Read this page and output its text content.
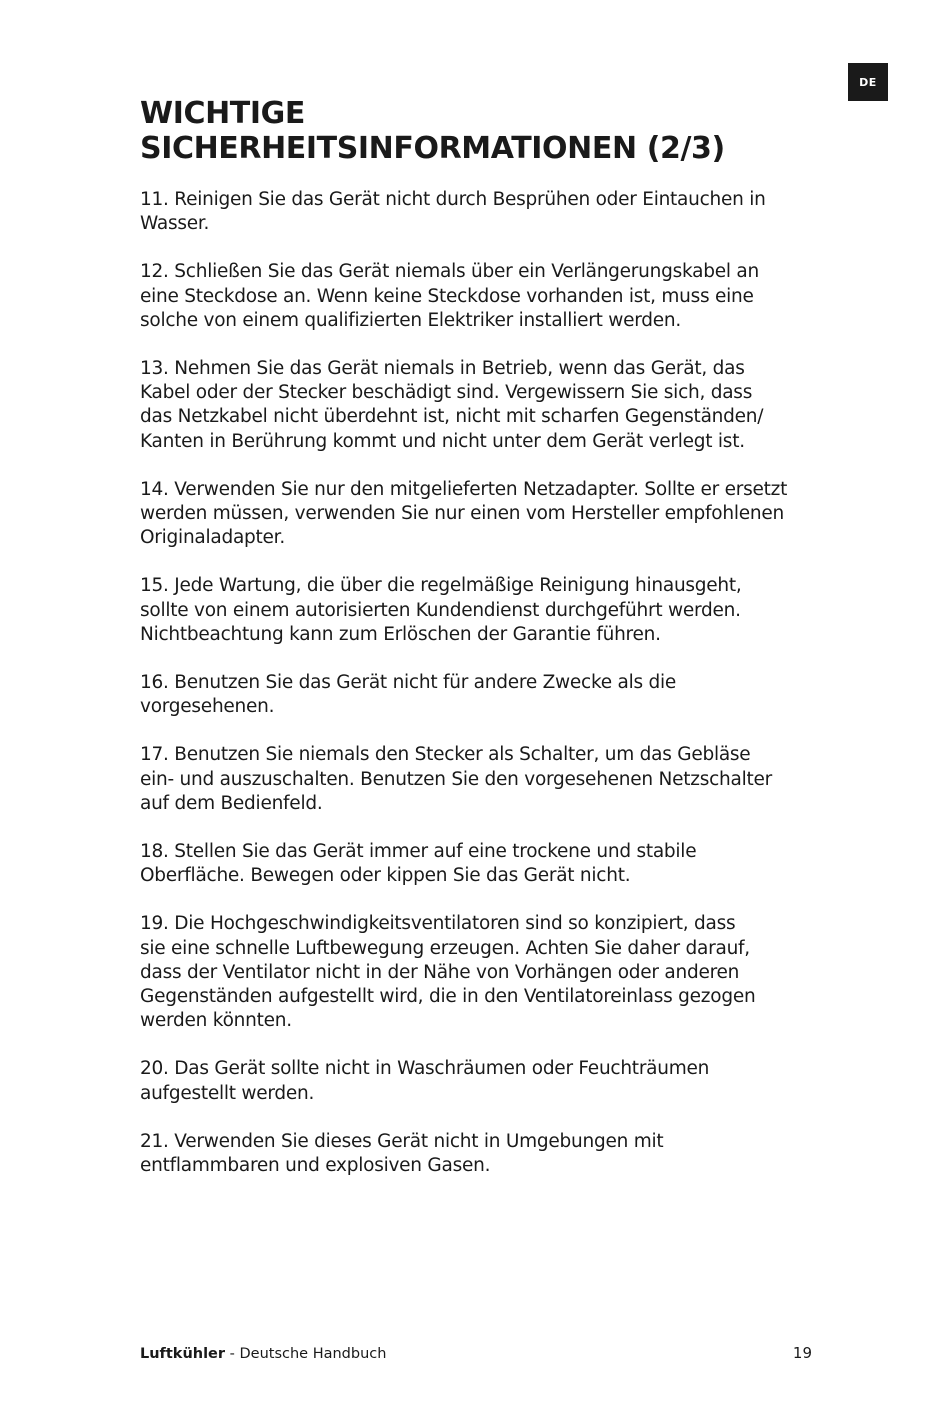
DE
WICHTIGE
SICHERHEITSINFORMATIONEN (2/3)

11. Reinigen Sie das Gerät nicht durch Besprühen oder Eintauchen in
Wasser.

12. Schließen Sie das Gerät niemals über ein Verlängerungskabel an
eine Steckdose an. Wenn keine Steckdose vorhanden ist, muss eine
solche von einem qualifizierten Elektriker installiert werden.

13. Nehmen Sie das Gerät niemals in Betrieb, wenn das Gerät, das
Kabel oder der Stecker beschädigt sind. Vergewissern Sie sich, dass
das Netzkabel nicht überdehnt ist, nicht mit scharfen Gegenständen/
Kanten in Berührung kommt und nicht unter dem Gerät verlegt ist.

14. Verwenden Sie nur den mitgelieferten Netzadapter. Sollte er ersetzt
werden müssen, verwenden Sie nur einen vom Hersteller empfohlenen
Originaladapter.

15. Jede Wartung, die über die regelmäßige Reinigung hinausgeht,
sollte von einem autorisierten Kundendienst durchgeführt werden.
Nichtbeachtung kann zum Erlöschen der Garantie führen.

16. Benutzen Sie das Gerät nicht für andere Zwecke als die
vorgesehenen.

17. Benutzen Sie niemals den Stecker als Schalter, um das Gebläse
ein- und auszuschalten. Benutzen Sie den vorgesehenen Netzschalter
auf dem Bedienfeld.

18. Stellen Sie das Gerät immer auf eine trockene und stabile
Oberfläche. Bewegen oder kippen Sie das Gerät nicht.

19. Die Hochgeschwindigkeitsventilatoren sind so konzipiert, dass
sie eine schnelle Luftbewegung erzeugen. Achten Sie daher darauf,
dass der Ventilator nicht in der Nähe von Vorhängen oder anderen
Gegenständen aufgestellt wird, die in den Ventilatoreinlass gezogen
werden könnten.

20. Das Gerät sollte nicht in Waschräumen oder Feuchträumen
aufgestellt werden.

21. Verwenden Sie dieses Gerät nicht in Umgebungen mit
entflammbaren und explosiven Gasen.

Luftkühler - Deutsche Handbuch	19
